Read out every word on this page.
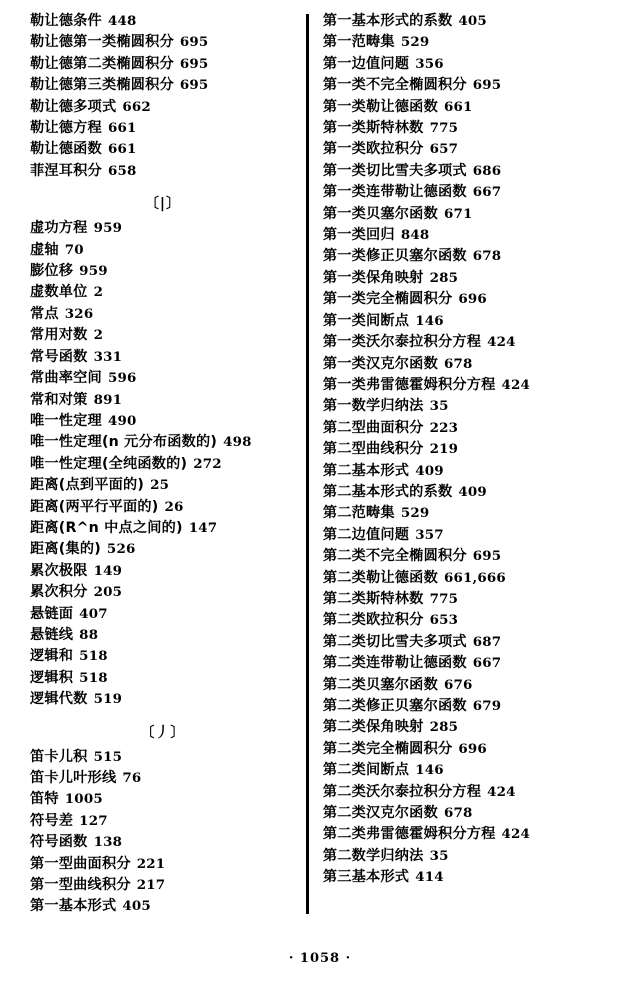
勒让德条件 448
勒让德第一类椭圆积分 695
勒让德第二类椭圆积分 695
勒让德第三类椭圆积分 695
勒让德多项式 662
勒让德方程 661
勒让德函数 661
菲涅耳积分 658
〔|〕
虚功方程 959
虚轴 70
膨位移 959
虚数单位 2
常点 326
常用对数 2
常号函数 331
常曲率空间 596
常和对策 891
唯一性定理 490
唯一性定理(n 元分布函数的) 498
唯一性定理(全纯函数的) 272
距离(点到平面的) 25
距离(两平行平面的) 26
距离(R^n 中点之间的) 147
距离(集的) 526
累次极限 149
累次积分 205
悬链面 407
悬链线 88
逻辑和 518
逻辑积 518
逻辑代数 519
〔丿〕
笛卡儿积 515
笛卡儿叶形线 76
笛特 1005
符号差 127
符号函数 138
第一型曲面积分 221
第一型曲线积分 217
第一基本形式 405
第一基本形式的系数 405
第一范畴集 529
第一边值问题 356
第一类不完全椭圆积分 695
第一类勒让德函数 661
第一类斯特林数 775
第一类欧拉积分 657
第一类切比雪夫多项式 686
第一类连带勒让德函数 667
第一类贝塞尔函数 671
第一类回归 848
第一类修正贝塞尔函数 678
第一类保角映射 285
第一类完全椭圆积分 696
第一类间断点 146
第一类沃尔泰拉积分方程 424
第一类汉克尔函数 678
第一类弗雷德霍姆积分方程 424
第一数学归纳法 35
第二型曲面积分 223
第二型曲线积分 219
第二基本形式 409
第二基本形式的系数 409
第二范畴集 529
第二边值问题 357
第二类不完全椭圆积分 695
第二类勒让德函数 661,666
第二类斯特林数 775
第二类欧拉积分 653
第二类切比雪夫多项式 687
第二类连带勒让德函数 667
第二类贝塞尔函数 676
第二类修正贝塞尔函数 679
第二类保角映射 285
第二类完全椭圆积分 696
第二类间断点 146
第二类沃尔泰拉积分方程 424
第二类汉克尔函数 678
第二类弗雷德霍姆积分方程 424
第二数学归纳法 35
第三基本形式 414
· 1058 ·
